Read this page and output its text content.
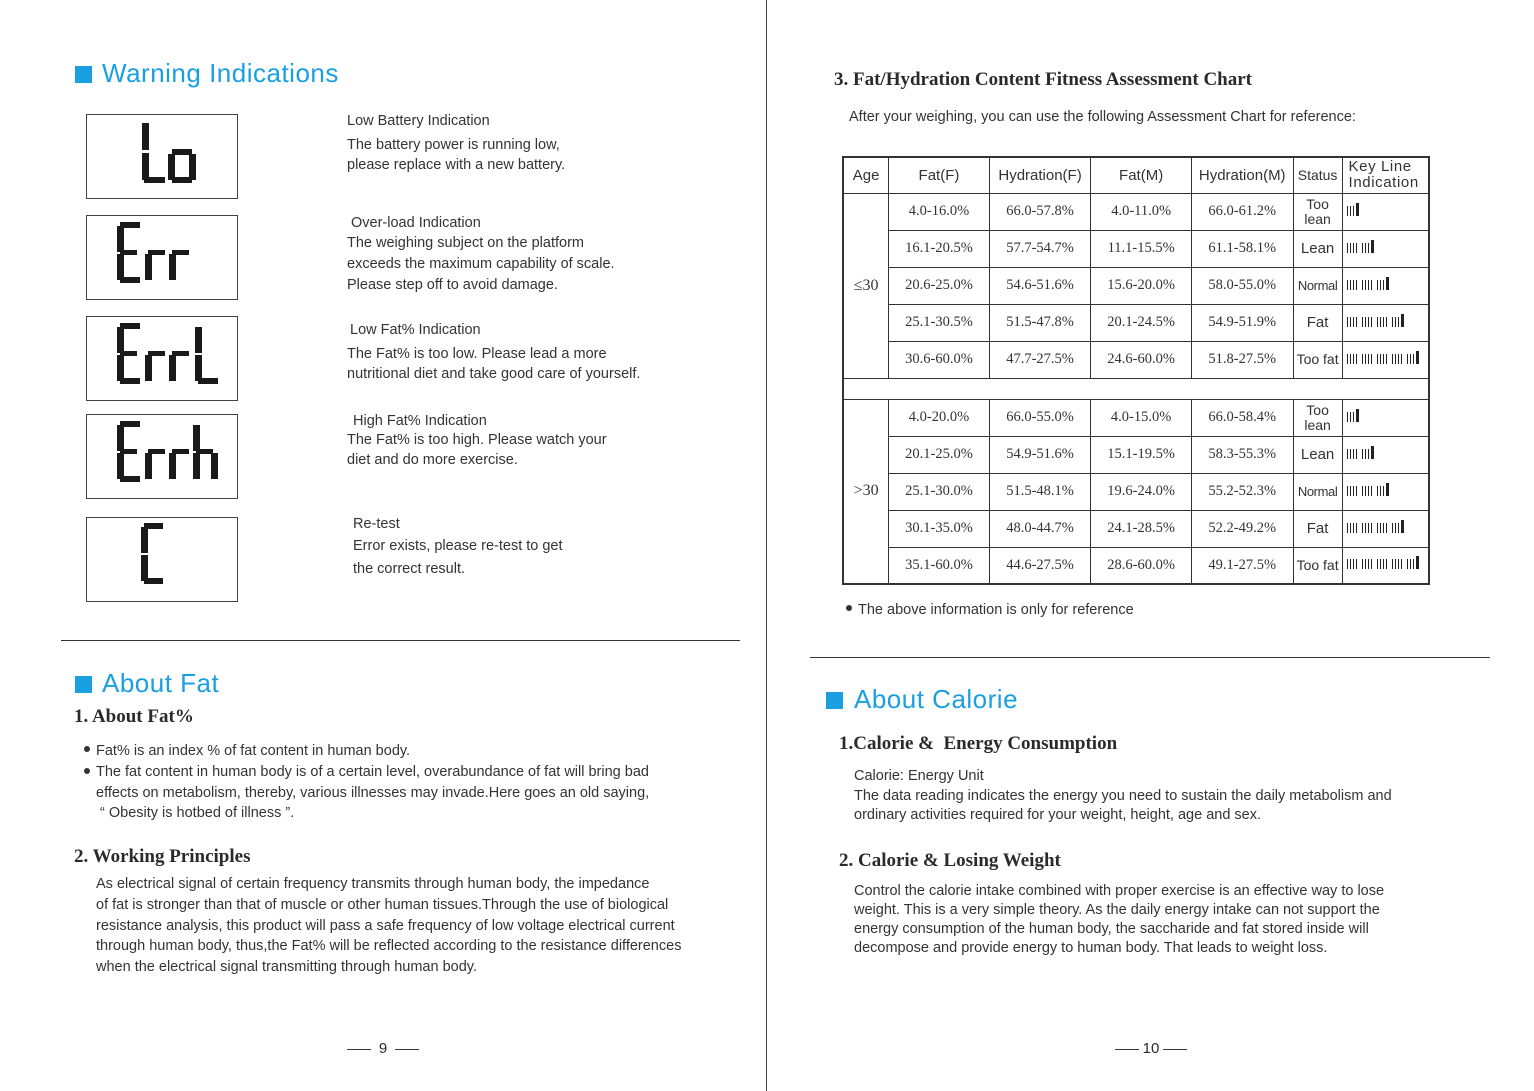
Warning Indications
Low Battery Indication
The battery power is running low,
please replace with a new battery.
Over-load Indication
The weighing subject on the platform
exceeds the maximum capability of scale.
Please step off to avoid damage.
Low Fat% Indication
The Fat% is too low. Please lead a more
nutritional diet and take good care of yourself.
High Fat% Indication
The Fat% is too high. Please watch your
diet and do more exercise.
Re-test
Error exists, please re-test to get
the correct result.
About Fat
1. About Fat%
Fat% is an index % of fat content in human body.
The fat content in human body is of a certain level, overabundance of fat will bring bad
effects on metabolism, thereby, various illnesses may invade.Here goes an old saying,
“ Obesity is hotbed of illness ”.
2. Working Principles
As electrical signal of certain frequency transmits through human body, the impedance
of fat is stronger than that of muscle or other human tissues.Through the use of biological
resistance analysis, this product will pass a safe frequency of low voltage electrical current
through human body, thus,the Fat% will be reflected according to the resistance differences
when the electrical signal transmitting through human body.
9
3. Fat/Hydration Content Fitness Assessment Chart
After your weighing, you can use the following Assessment Chart for reference:
Age	Fat(F)	Hydration(F)	Fat(M)	Hydration(M)	Status	Key Line Indication
≤30	4.0-16.0%	66.0-57.8%	4.0-11.0%	66.0-61.2%	Too lean	

	16.1-20.5%	57.7-54.7%	11.1-15.5%	61.1-58.1%	Lean	

	20.6-25.0%	54.6-51.6%	15.6-20.0%	58.0-55.0%	Normal	

	25.1-30.5%	51.5-47.8%	20.1-24.5%	54.9-51.9%	Fat	

	30.6-60.0%	47.7-27.5%	24.6-60.0%	51.8-27.5%	Too fat	

>30	4.0-20.0%	66.0-55.0%	4.0-15.0%	66.0-58.4%	Too lean	

	20.1-25.0%	54.9-51.6%	15.1-19.5%	58.3-55.3%	Lean	

	25.1-30.0%	51.5-48.1%	19.6-24.0%	55.2-52.3%	Normal	

	30.1-35.0%	48.0-44.7%	24.1-28.5%	52.2-49.2%	Fat	

	35.1-60.0%	44.6-27.5%	28.6-60.0%	49.1-27.5%	Too fat	
The above information is only for reference
About Calorie
1.Calorie &  Energy Consumption
Calorie: Energy Unit
The data reading indicates the energy you need to sustain the daily metabolism and
ordinary activities required for your weight, height, age and sex.
2. Calorie & Losing Weight
Control the calorie intake combined with proper exercise is an effective way to lose
weight. This is a very simple theory. As the daily energy intake can not support the
energy consumption of the human body, the saccharide and fat stored inside will
decompose and provide energy to human body. That leads to weight loss.
10
